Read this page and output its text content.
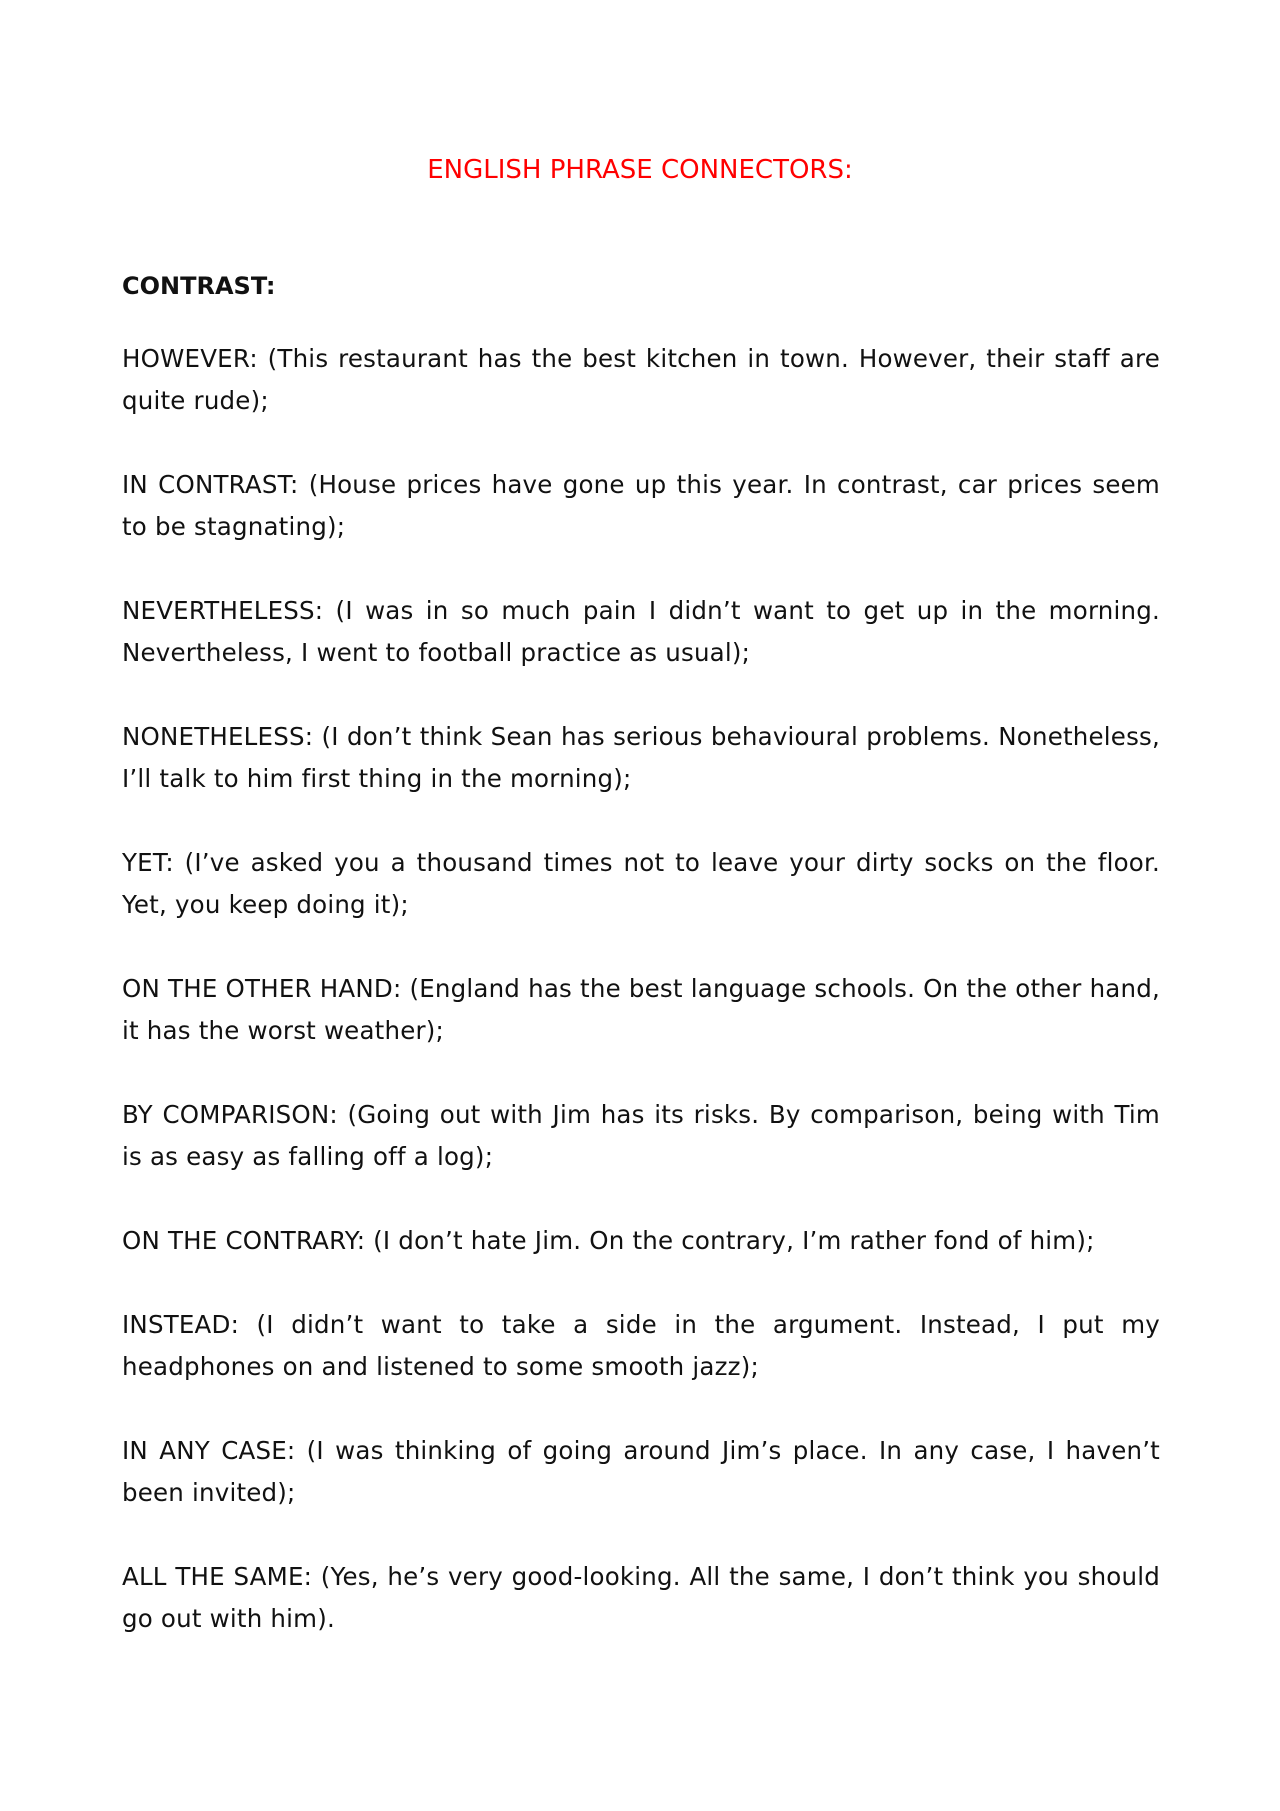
ENGLISH PHRASE CONNECTORS:

CONTRAST:

HOWEVER: (This restaurant has the best kitchen in town. However, their staff are quite rude);

IN CONTRAST: (House prices have gone up this year. In contrast, car prices seem to be stagnating);

NEVERTHELESS: (I was in so much pain I didn’t want to get up in the morning. Nevertheless, I went to football practice as usual);

NONETHELESS: (I don’t think Sean has serious behavioural problems. Nonetheless, I’ll talk to him first thing in the morning);

YET: (I’ve asked you a thousand times not to leave your dirty socks on the floor. Yet, you keep doing it);

ON THE OTHER HAND: (England has the best language schools. On the other hand, it has the worst weather);

BY COMPARISON: (Going out with Jim has its risks. By comparison, being with Tim is as easy as falling off a log);

ON THE CONTRARY: (I don’t hate Jim. On the contrary, I’m rather fond of him);

INSTEAD: (I didn’t want to take a side in the argument. Instead, I put my headphones on and listened to some smooth jazz);

IN ANY CASE: (I was thinking of going around Jim’s place. In any case, I haven’t been invited);

ALL THE SAME: (Yes, he’s very good-looking. All the same, I don’t think you should go out with him).
